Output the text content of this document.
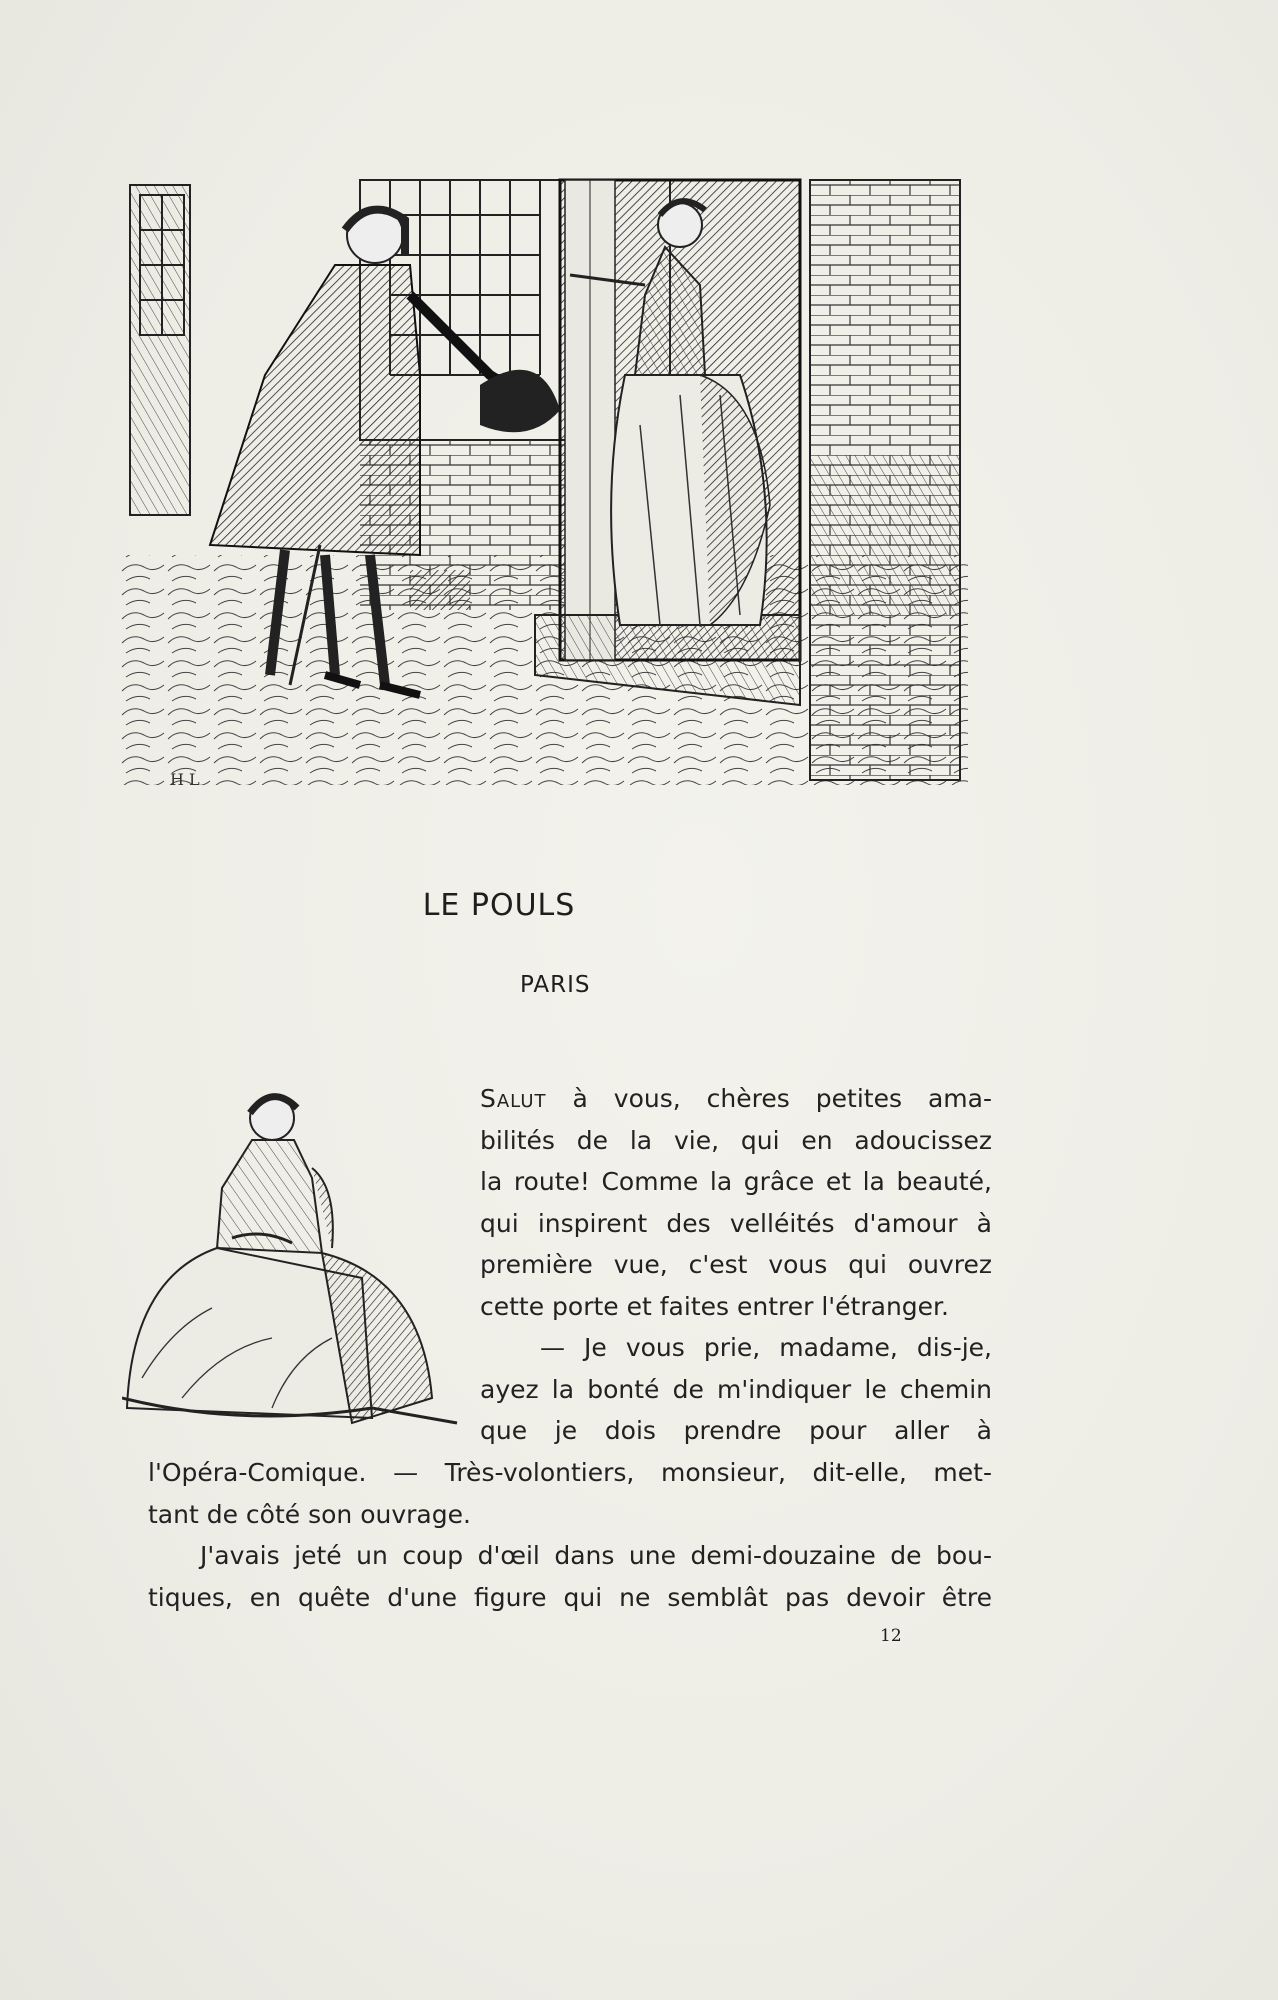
H L
LE POULS
PARIS
Salut à vous, chères petites ama-
bilités de la vie, qui en adoucissez
la route! Comme la grâce et la beauté,
qui inspirent des velléités d'amour à
première vue, c'est vous qui ouvrez
cette porte et faites entrer l'étranger.
— Je vous prie, madame, dis-je,
ayez la bonté de m'indiquer le chemin
que je dois prendre pour aller à
l'Opéra-Comique. — Très-volontiers, monsieur, dit-elle, met-
tant de côté son ouvrage.
J'avais jeté un coup d'œil dans une demi-douzaine de bou-
tiques, en quête d'une figure qui ne semblât pas devoir être
12
